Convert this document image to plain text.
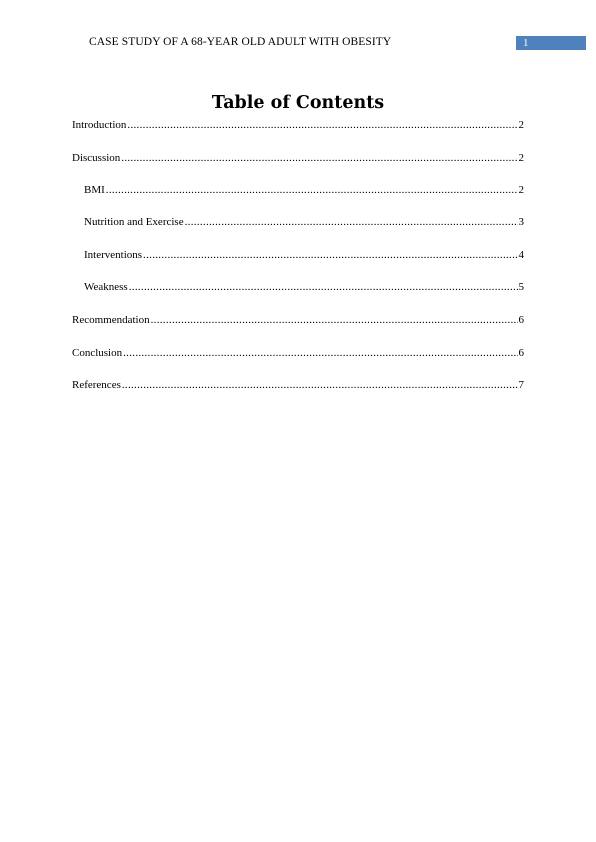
CASE STUDY OF A 68-YEAR OLD ADULT WITH OBESITY	1
Table of Contents
Introduction .....	2
Discussion .....	2
BMI .....	2
Nutrition and Exercise .....	3
Interventions .....	4
Weakness .....	5
Recommendation .....	6
Conclusion .....	6
References .....	7
